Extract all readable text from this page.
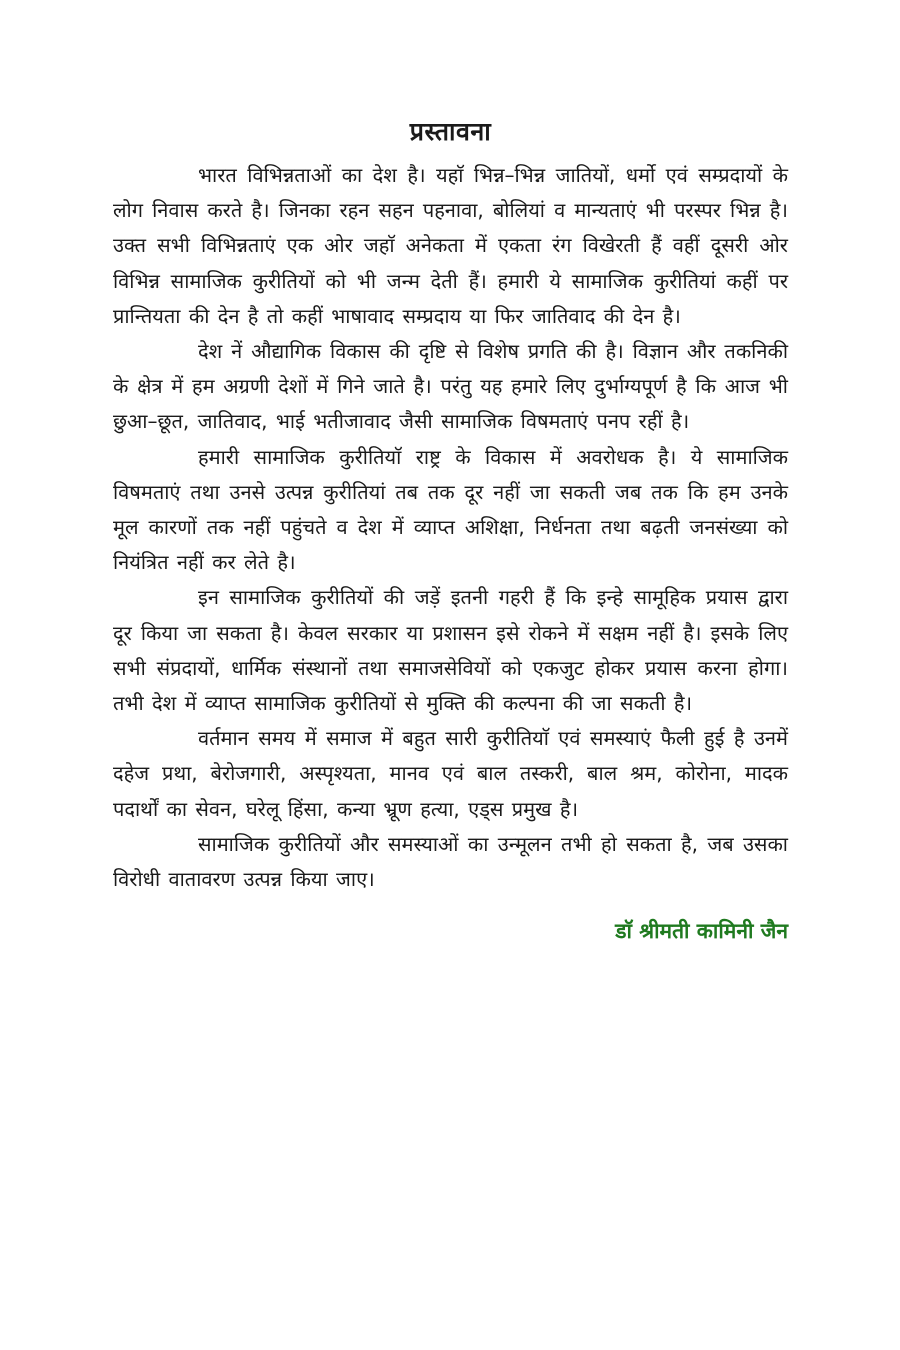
प्रस्तावना

भारत विभिन्नताओं का देश है। यहाॅ भिन्न–भिन्न जातियों, धर्मो एवं सम्प्रदायों के लोग निवास करते है। जिनका रहन सहन पहनावा, बोलियां व मान्यताएं भी परस्पर भिन्न है। उक्त सभी विभिन्नताएं एक ओर जहाॅ अनेकता में एकता रंग विखेरती हैं वहीं दूसरी ओर विभिन्न सामाजिक कुरीतियों को भी जन्म देती हैं। हमारी ये सामाजिक कुरीतियां कहीं पर प्रान्तियता की देन है तो कहीं भाषावाद सम्प्रदाय या फिर जातिवाद की देन है।

देश नें औद्यागिक विकास की दृष्टि से विशेष प्रगति की है। विज्ञान और तकनिकी के क्षेत्र में हम अग्रणी देशों में गिने जाते है। परंतु यह हमारे लिए दुर्भाग्यपूर्ण है कि आज भी छुआ–छूत, जातिवाद, भाई भतीजावाद जैसी सामाजिक विषमताएं पनप रहीं है।

हमारी सामाजिक कुरीतियाॅ राष्ट्र के विकास में अवरोधक है। ये सामाजिक विषमताएं तथा उनसे उत्पन्न कुरीतियां तब तक दूर नहीं जा सकती जब तक कि हम उनके मूल कारणों तक नहीं पहुंचते व देश में व्याप्त अशिक्षा, निर्धनता तथा बढ़ती जनसंख्या को नियंत्रित नहीं कर लेते है।

इन सामाजिक कुरीतियों की जड़ें इतनी गहरी हैं कि इन्हे सामूहिक प्रयास द्वारा दूर किया जा सकता है। केवल सरकार या प्रशासन इसे रोकने में सक्षम नहीं है। इसके लिए सभी संप्रदायों, धार्मिक संस्थानों तथा समाजसेवियों को एकजुट होकर प्रयास करना होगा। तभी देश में व्याप्त सामाजिक कुरीतियों से मुक्ति की कल्पना की जा सकती है।

वर्तमान समय में समाज में बहुत सारी कुरीतियाॅ एवं समस्याएं फैली हुई है उनमें दहेज प्रथा, बेरोजगारी, अस्पृश्यता, मानव एवं बाल तस्करी, बाल श्रम, कोरोना, मादक पदार्थों का सेवन, घरेलू हिंसा, कन्या भ्रूण हत्या, एड्स प्रमुख है।

सामाजिक कुरीतियों और समस्याओं का उन्मूलन तभी हो सकता है, जब उसका विरोधी वातावरण उत्पन्न किया जाए।

डाॅ श्रीमती कामिनी जैन
